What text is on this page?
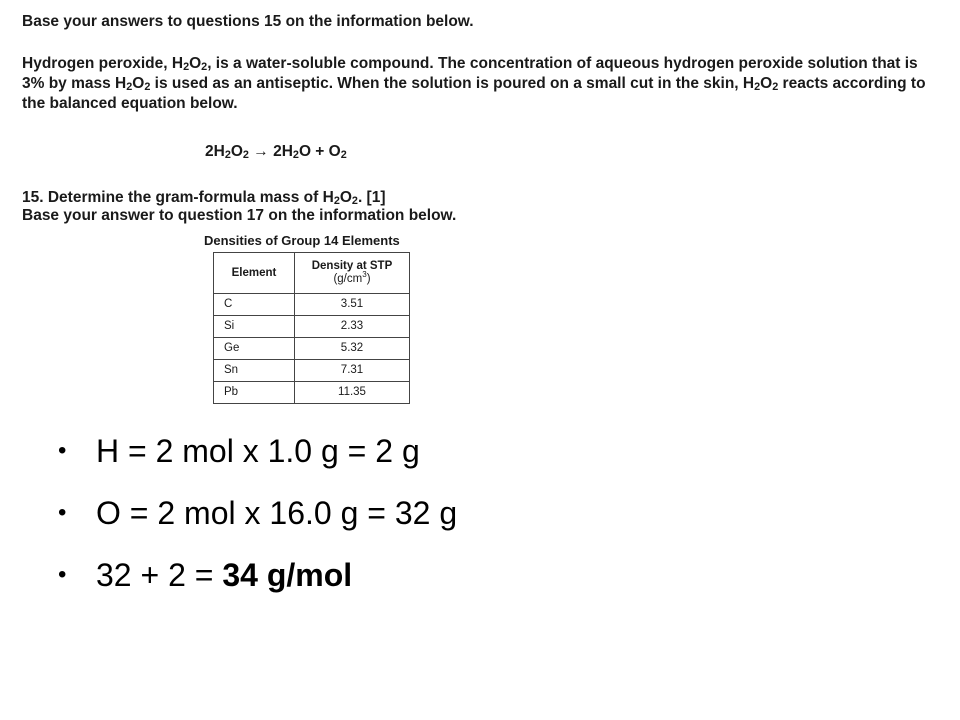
Base your answers to questions 15 on the information below.

Hydrogen peroxide, $H_2O_2$, is a water-soluble compound. The concentration of aqueous hydrogen peroxide solution that is 3% by mass $H_2O_2$ is used as an antiseptic. When the solution is poured on a small cut in the skin, $H_2O_2$ reacts according to the balanced equation below.

$2H_2O_2 \to 2H_2O + O_2$

15. Determine the gram-formula mass of $H_2O_2$. [1]

Base your answer to question 17 on the information below.

Densities of Group 14 Elements

Element	Density at STP
$(g/cm^3)$
C	3.51
Si	2.33
Ge	5.32
Sn	7.31
Pb	11.35
• H = 2 mol x 1.0 g = 2 g
• O = 2 mol x 16.0 g = 32 g
• 32 + 2 = 34 g/mol
